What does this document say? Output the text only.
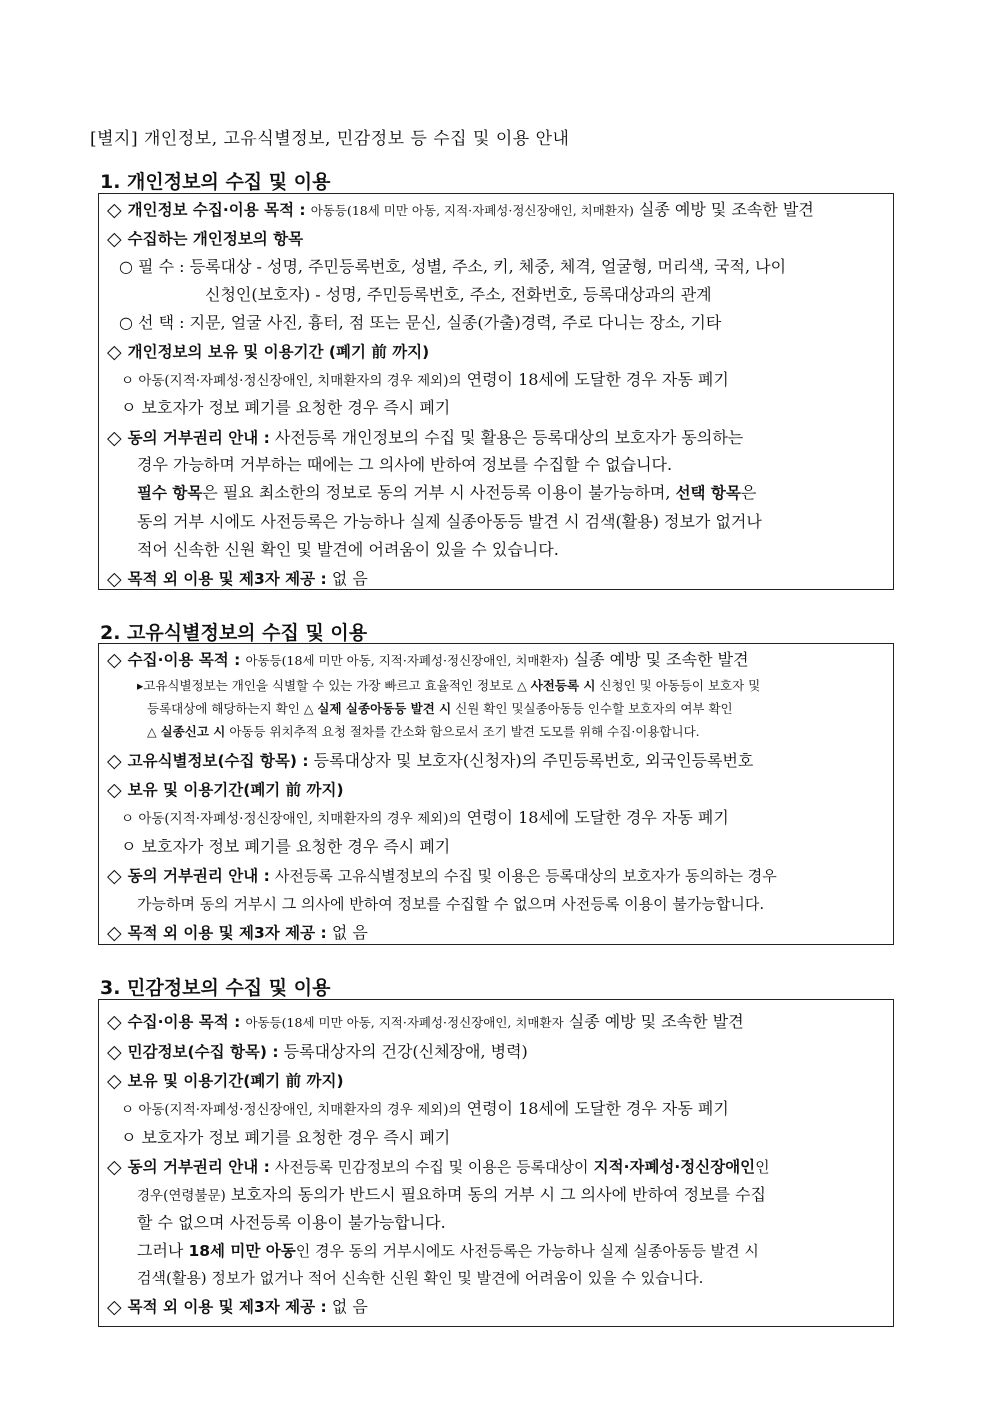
[별지] 개인정보, 고유식별정보, 민감정보 등 수집 및 이용 안내
1. 개인정보의 수집 및 이용
◇ 개인정보 수집·이용 목적 : 아동등(18세 미만 아동, 지적·자폐성·정신장애인, 치매환자) 실종 예방 및 조속한 발견
◇ 수집하는 개인정보의 항목
○ 필 수 : 등록대상 - 성명, 주민등록번호, 성별, 주소, 키, 체중, 체격, 얼굴형, 머리색, 국적, 나이
신청인(보호자) - 성명, 주민등록번호, 주소, 전화번호, 등록대상과의 관계
○ 선 택 : 지문, 얼굴 사진, 흉터, 점 또는 문신, 실종(가출)경력, 주로 다니는 장소, 기타
◇ 개인정보의 보유 및 이용기간 (폐기 前 까지)
ㅇ 아동(지적·자폐성·정신장애인, 치매환자의 경우 제외)의 연령이 18세에 도달한 경우 자동 폐기
ㅇ 보호자가 정보 폐기를 요청한 경우 즉시 폐기
◇ 동의 거부권리 안내 : 사전등록 개인정보의 수집 및 활용은 등록대상의 보호자가 동의하는
경우 가능하며 거부하는 때에는 그 의사에 반하여 정보를 수집할 수 없습니다.
필수 항목은 필요 최소한의 정보로 동의 거부 시 사전등록 이용이 불가능하며, 선택 항목은
동의 거부 시에도 사전등록은 가능하나 실제 실종아동등 발견 시 검색(활용) 정보가 없거나
적어 신속한 신원 확인 및 발견에 어려움이 있을 수 있습니다.
◇ 목적 외 이용 및 제3자 제공 : 없 음
2. 고유식별정보의 수집 및 이용
◇ 수집·이용 목적 : 아동등(18세 미만 아동, 지적·자폐성·정신장애인, 치매환자) 실종 예방 및 조속한 발견
▸고유식별정보는 개인을 식별할 수 있는 가장 빠르고 효율적인 정보로 △ 사전등록 시 신청인 및 아동등이 보호자 및
등록대상에 해당하는지 확인 △ 실제 실종아동등 발견 시 신원 확인 및실종아동등 인수할 보호자의 여부 확인
△ 실종신고 시 아동등 위치추적 요청 절차를 간소화 함으로서 조기 발견 도모를 위해 수집·이용합니다.
◇ 고유식별정보(수집 항목) : 등록대상자 및 보호자(신청자)의 주민등록번호, 외국인등록번호
◇ 보유 및 이용기간(폐기 前 까지)
ㅇ 아동(지적·자폐성·정신장애인, 치매환자의 경우 제외)의 연령이 18세에 도달한 경우 자동 폐기
ㅇ 보호자가 정보 폐기를 요청한 경우 즉시 폐기
◇ 동의 거부권리 안내 : 사전등록 고유식별정보의 수집 및 이용은 등록대상의 보호자가 동의하는 경우
가능하며 동의 거부시 그 의사에 반하여 정보를 수집할 수 없으며 사전등록 이용이 불가능합니다.
◇ 목적 외 이용 및 제3자 제공 : 없 음
3. 민감정보의 수집 및 이용
◇ 수집·이용 목적 : 아동등(18세 미만 아동, 지적·자폐성·정신장애인, 치매환자 실종 예방 및 조속한 발견
◇ 민감정보(수집 항목) : 등록대상자의 건강(신체장애, 병력)
◇ 보유 및 이용기간(폐기 前 까지)
ㅇ 아동(지적·자폐성·정신장애인, 치매환자의 경우 제외)의 연령이 18세에 도달한 경우 자동 폐기
ㅇ 보호자가 정보 폐기를 요청한 경우 즉시 폐기
◇ 동의 거부권리 안내 : 사전등록 민감정보의 수집 및 이용은 등록대상이 지적·자폐성·정신장애인인
경우(연령불문) 보호자의 동의가 반드시 필요하며 동의 거부 시 그 의사에 반하여 정보를 수집
할 수 없으며 사전등록 이용이 불가능합니다.
그러나 18세 미만 아동인 경우 동의 거부시에도 사전등록은 가능하나 실제 실종아동등 발견 시
검색(활용) 정보가 없거나 적어 신속한 신원 확인 및 발견에 어려움이 있을 수 있습니다.
◇ 목적 외 이용 및 제3자 제공 : 없 음
